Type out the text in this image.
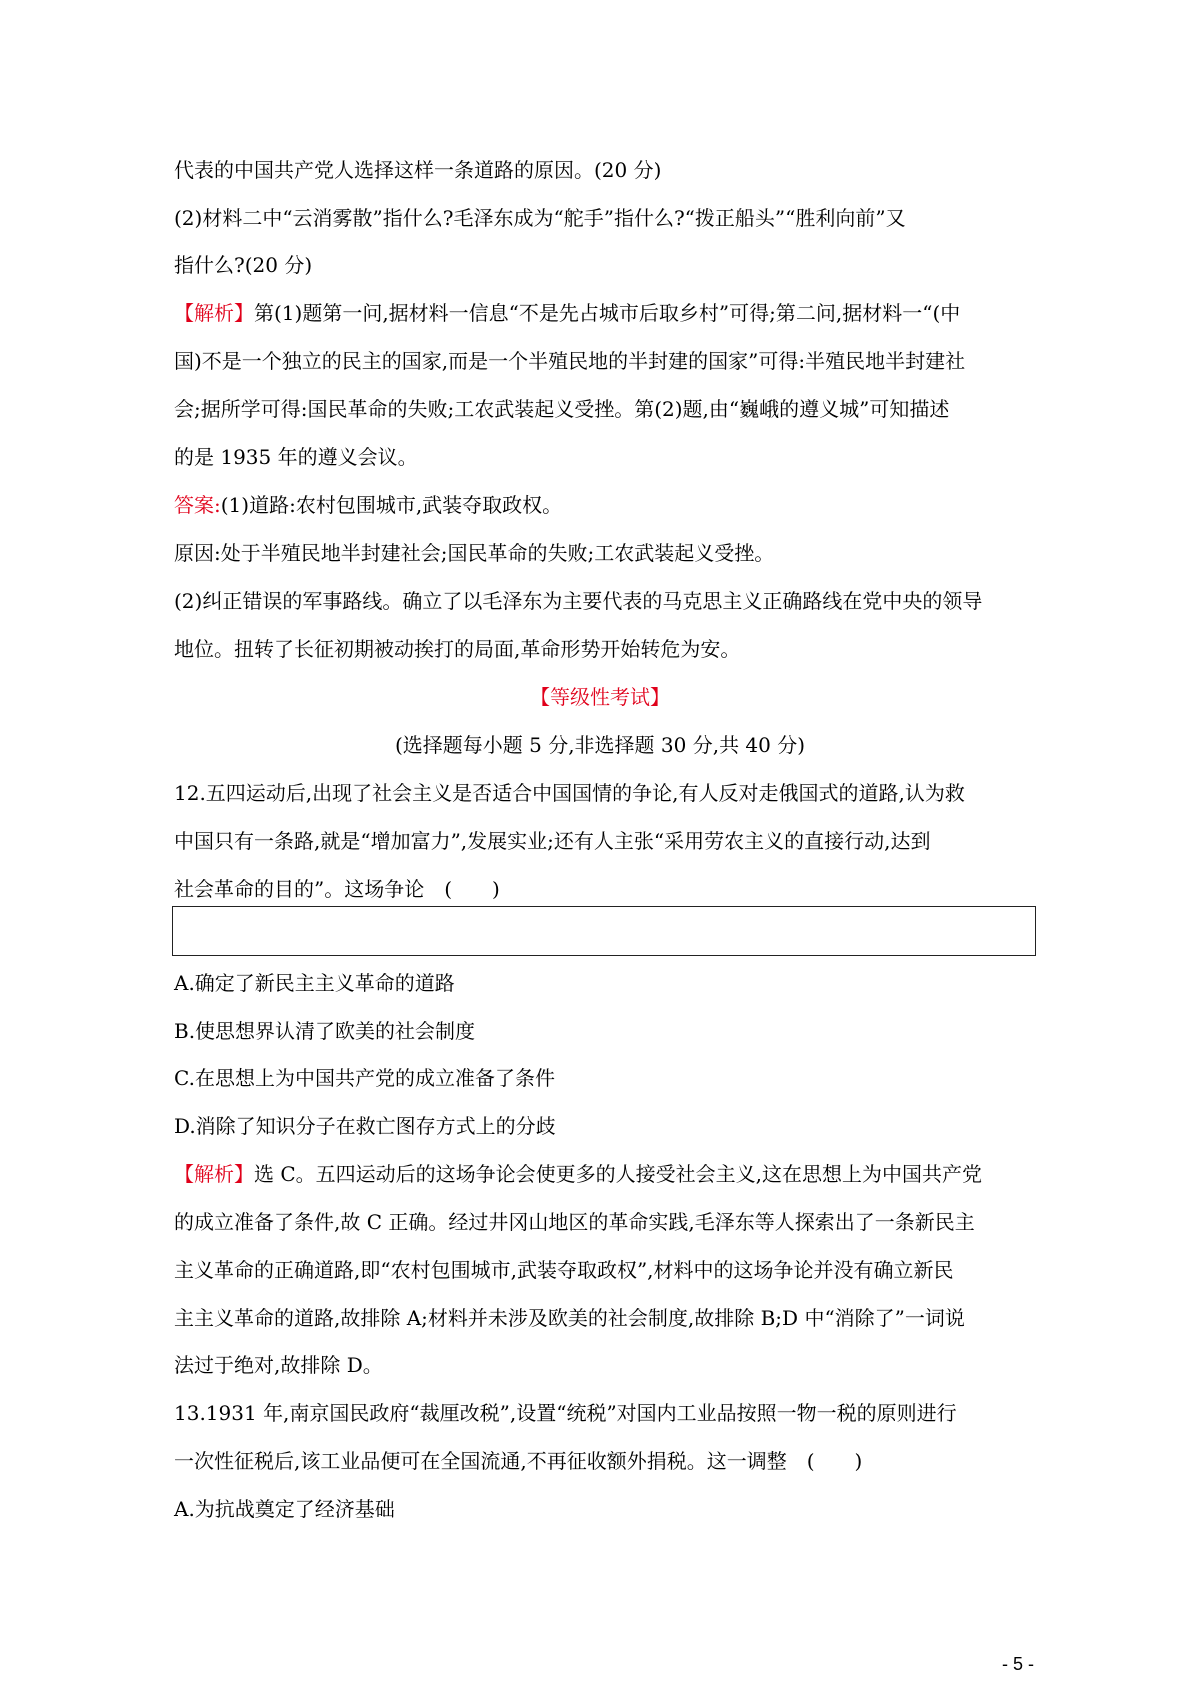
代表的中国共产党人选择这样一条道路的原因。(20 分)
(2)材料二中“云消雾散”指什么?毛泽东成为“舵手”指什么?“拨正船头”“胜利向前”又
指什么?(20 分)
【解析】第(1)题第一问,据材料一信息“不是先占城市后取乡村”可得;第二问,据材料一“(中
国)不是一个独立的民主的国家,而是一个半殖民地的半封建的国家”可得:半殖民地半封建社
会;据所学可得:国民革命的失败;工农武装起义受挫。第(2)题,由“巍峨的遵义城”可知描述
的是 1935 年的遵义会议。
答案:(1)道路:农村包围城市,武装夺取政权。
原因:处于半殖民地半封建社会;国民革命的失败;工农武装起义受挫。
(2)纠正错误的军事路线。确立了以毛泽东为主要代表的马克思主义正确路线在党中央的领导
地位。扭转了长征初期被动挨打的局面,革命形势开始转危为安。
【等级性考试】
(选择题每小题 5 分,非选择题 30 分,共 40 分)
12.五四运动后,出现了社会主义是否适合中国国情的争论,有人反对走俄国式的道路,认为救
中国只有一条路,就是“增加富力”,发展实业;还有人主张“采用劳农主义的直接行动,达到
社会革命的目的”。这场争论　(　　)
A.确定了新民主主义革命的道路
B.使思想界认清了欧美的社会制度
C.在思想上为中国共产党的成立准备了条件
D.消除了知识分子在救亡图存方式上的分歧
【解析】选 C。五四运动后的这场争论会使更多的人接受社会主义,这在思想上为中国共产党
的成立准备了条件,故 C 正确。经过井冈山地区的革命实践,毛泽东等人探索出了一条新民主
主义革命的正确道路,即“农村包围城市,武装夺取政权”,材料中的这场争论并没有确立新民
主主义革命的道路,故排除 A;材料并未涉及欧美的社会制度,故排除 B;D 中“消除了”一词说
法过于绝对,故排除 D。
13.1931 年,南京国民政府“裁厘改税”,设置“统税”对国内工业品按照一物一税的原则进行
一次性征税后,该工业品便可在全国流通,不再征收额外捐税。这一调整　(　　)
A.为抗战奠定了经济基础
- 5 -
